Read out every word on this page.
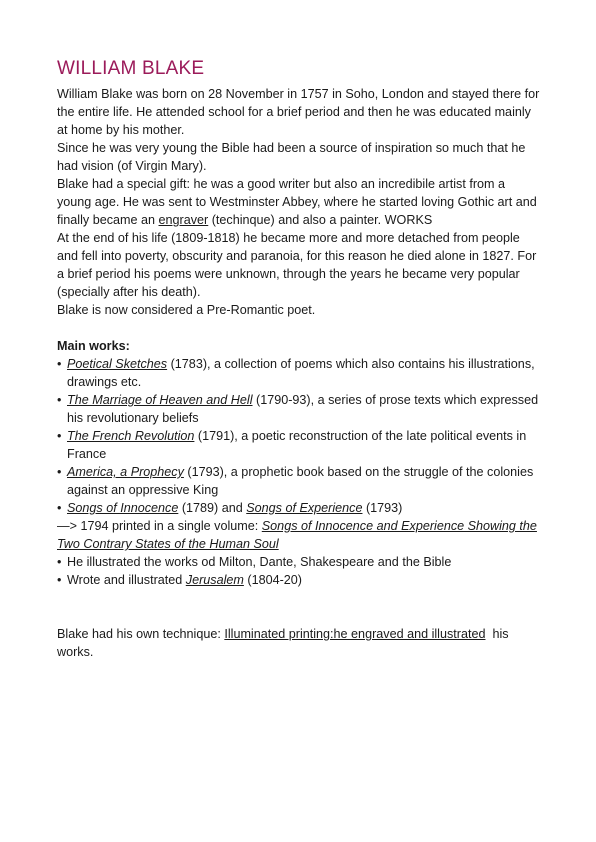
WILLIAM BLAKE

William Blake was born on 28 November in 1757 in Soho, London and stayed there for the entire life. He attended school for a brief period and then he was educated mainly at home by his mother.

Since he was very young the Bible had been a source of inspiration so much that he had vision (of Virgin Mary).

Blake had a special gift: he was a good writer but also an incredibile artist from a young age. He was sent to Westminster Abbey, where he started loving Gothic art and finally became an engraver (techinque) and also a painter. WORKS

At the end of his life (1809-1818) he became more and more detached from people and fell into poverty, obscurity and paranoia, for this reason he died alone in 1827. For a brief period his poems were unknown, through the years he became very popular (specially after his death).

Blake is now considered a Pre-Romantic poet.

Main works:
• Poetical Sketches (1783), a collection of poems which also contains his illustrations, drawings etc.
• The Marriage of Heaven and Hell (1790-93), a series of prose texts which expressed his revolutionary beliefs
• The French Revolution (1791), a poetic reconstruction of the late political events in France
• America, a Prophecy (1793), a prophetic book based on the struggle of the colonies against an oppressive King
• Songs of Innocence (1789) and Songs of Experience (1793)
—> 1794 printed in a single volume: Songs of Innocence and Experience Showing the Two Contrary States of the Human Soul
• He illustrated the works od Milton, Dante, Shakespeare and the Bible
• Wrote and illustrated Jerusalem (1804-20)

Blake had his own technique: Illuminated printing:he engraved and illustrated  his works.
